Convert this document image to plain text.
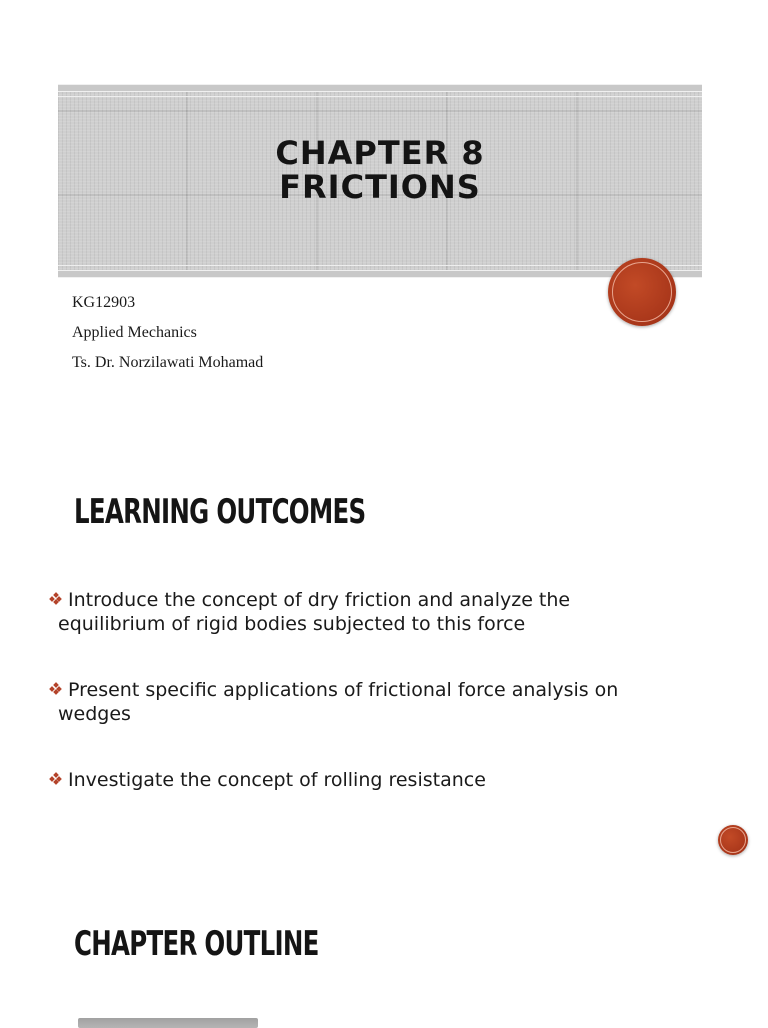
CHAPTER 8
FRICTIONS
KG12903
Applied Mechanics
Ts. Dr. Norzilawati Mohamad
LEARNING OUTCOMES
Introduce the concept of dry friction and analyze the
equilibrium of rigid bodies subjected to this force
Present specific applications of frictional force analysis on
wedges
Investigate the concept of rolling resistance
CHAPTER OUTLINE
